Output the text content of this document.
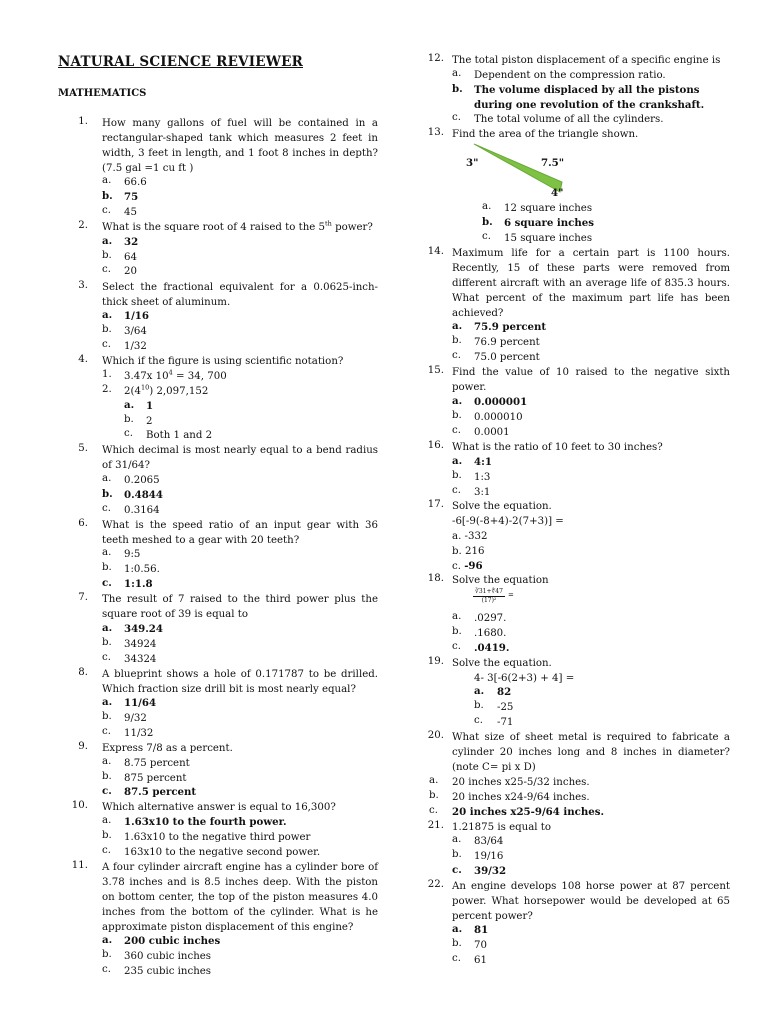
NATURAL SCIENCE REVIEWER
MATHEMATICS
1. How many gallons of fuel will be contained in a rectangular-shaped tank which measures 2 feet in width, 3 feet in length, and 1 foot 8 inches in depth? (7.5 gal =1 cu ft )
a.	66.6
b.	75
c.	45
2. What is the square root of 4 raised to the 5th power?
a.	32
b.	64
c.	20
3. Select the fractional equivalent for a 0.0625-inch-thick sheet of aluminum.
a.	1/16
b.	3/64
c.	1/32
4. Which if the figure is using scientific notation?
1.	3.47x $10^4 = 34$, 700
2.	$2(4^{10})$ 2,097,152
a.	1
b.	2
c.	Both 1 and 2
5. Which decimal is most nearly equal to a bend radius of 31/64?
a.	0.2065
b.	0.4844
c.	0.3164
6. What is the speed ratio of an input gear with 36 teeth meshed to a gear with 20 teeth?
a.	9:5
b.	1:0.56.
c.	1:1.8
7. The result of 7 raised to the third power plus the square root of 39 is equal to
a.	349.24
b.	34924
c.	34324
8. A blueprint shows a hole of 0.171787 to be drilled. Which fraction size drill bit is most nearly equal?
a.	11/64
b.	9/32
c.	11/32
9. Express 7/8 as a percent.
a.	8.75 percent
b.	875 percent
c.	87.5 percent
10. Which alternative answer is equal to 16,300?
a.	1.63x10 to the fourth power.
b.	1.63x10 to the negative third power
c.	163x10 to the negative second power.
11. A four cylinder aircraft engine has a cylinder bore of 3.78 inches and is 8.5 inches deep. With the piston on bottom center, the top of the piston measures 4.0 inches from the bottom of the cylinder. What is he approximate piston displacement of this engine?
a.	200 cubic inches
b.	360 cubic inches
c.	235 cubic inches
12. The total piston displacement of a specific engine is
a.	Dependent on the compression ratio.
b.	The volume displaced by all the pistons during one revolution of the crankshaft.
c.	The total volume of all the cylinders.
13. Find the area of the triangle shown.
3"	7.5"
4"
a.	12 square inches
b.	6 square inches
c.	15 square inches
14. Maximum life for a certain part is 1100 hours. Recently, 15 of these parts were removed from different aircraft with an average life of 835.3 hours. What percent of the maximum part life has been achieved?
a.	75.9 percent
b.	76.9 percent
c.	75.0 percent
15. Find the value of 10 raised to the negative sixth power.
a.	0.000001
b.	0.000010
c.	0.0001
16. What is the ratio of 10 feet to 30 inches?
a.	4:1
b.	1:3
c.	3:1
17. Solve the equation.
-6[-9(-8+4)-2(7+3)] =
a. -332
b. 216
c. -96
18. Solve the equation
$\frac{∛31+∜47}{\text{(17)²}}$ =
a.	.0297.
b.	.1680.
c.	.0419.
19. Solve the equation.
4- 3[-6(2+3) + 4] =
a.	82
b.	-25
c.	-71
20. What size of sheet metal is required to fabricate a cylinder 20 inches long and 8 inches in diameter? (note C= pi x D)
a.	20 inches x25-5/32 inches.
b.	20 inches x24-9/64 inches.
c.	20 inches x25-9/64 inches.
21. 1.21875 is equal to
a.	83/64
b.	19/16
c.	39/32
22. An engine develops 108 horse power at 87 percent power. What horsepower would be developed at 65 percent power?
a.	81
b.	70
c.	61
